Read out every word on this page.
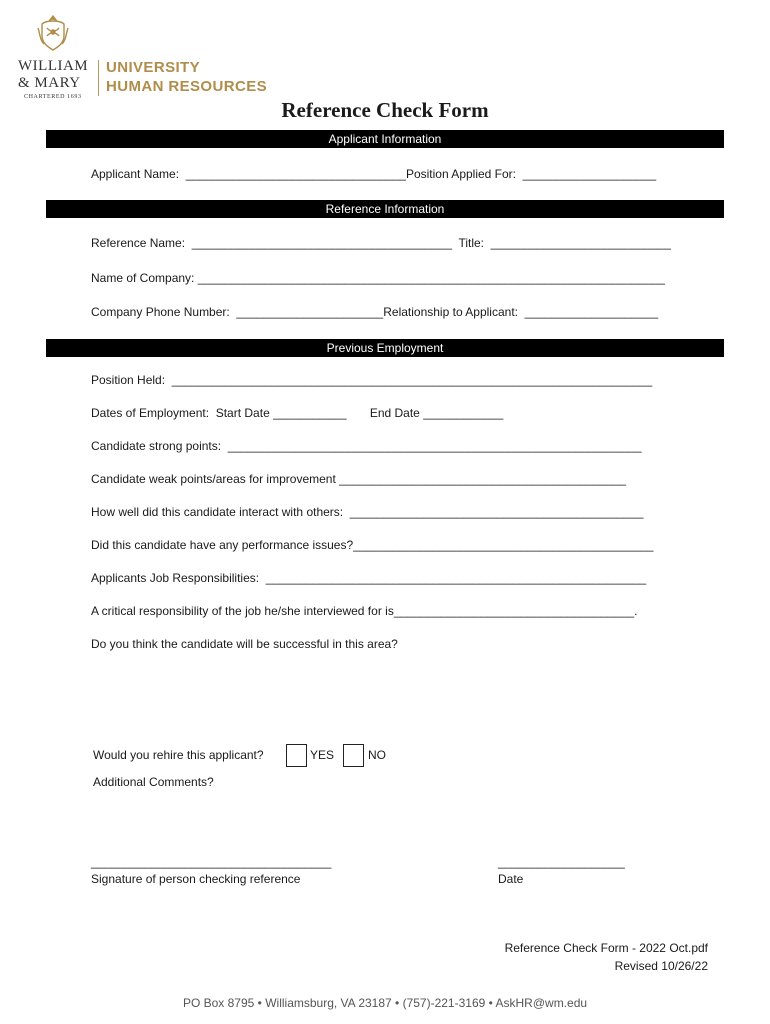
WILLIAM
& MARY
CHARTERED 1693
UNIVERSITY
HUMAN RESOURCES
Reference Check Form
Applicant Information
Applicant Name:  _________________________________Position Applied For:  ____________________
Reference Information
Reference Name:  _______________________________________  Title:  ___________________________
Name of Company: ______________________________________________________________________
Company Phone Number:  ______________________Relationship to Applicant:  ____________________
Previous Employment
Position Held:  ________________________________________________________________________
Dates of Employment:  Start Date ___________       End Date ____________
Candidate strong points:  ______________________________________________________________
Candidate weak points/areas for improvement ___________________________________________
How well did this candidate interact with others:  ____________________________________________
Did this candidate have any performance issues?_____________________________________________
Applicants Job Responsibilities:  _________________________________________________________
A critical responsibility of the job he/she interviewed for is____________________________________.
Do you think the candidate will be successful in this area?
Would you rehire this applicant?	YES	NO
Additional Comments?
____________________________________
Signature of person checking reference
___________________
Date
Reference Check Form - 2022 Oct.pdf
Revised 10/26/22
PO Box 8795 • Williamsburg, VA 23187 • (757)-221-3169 • AskHR@wm.edu
